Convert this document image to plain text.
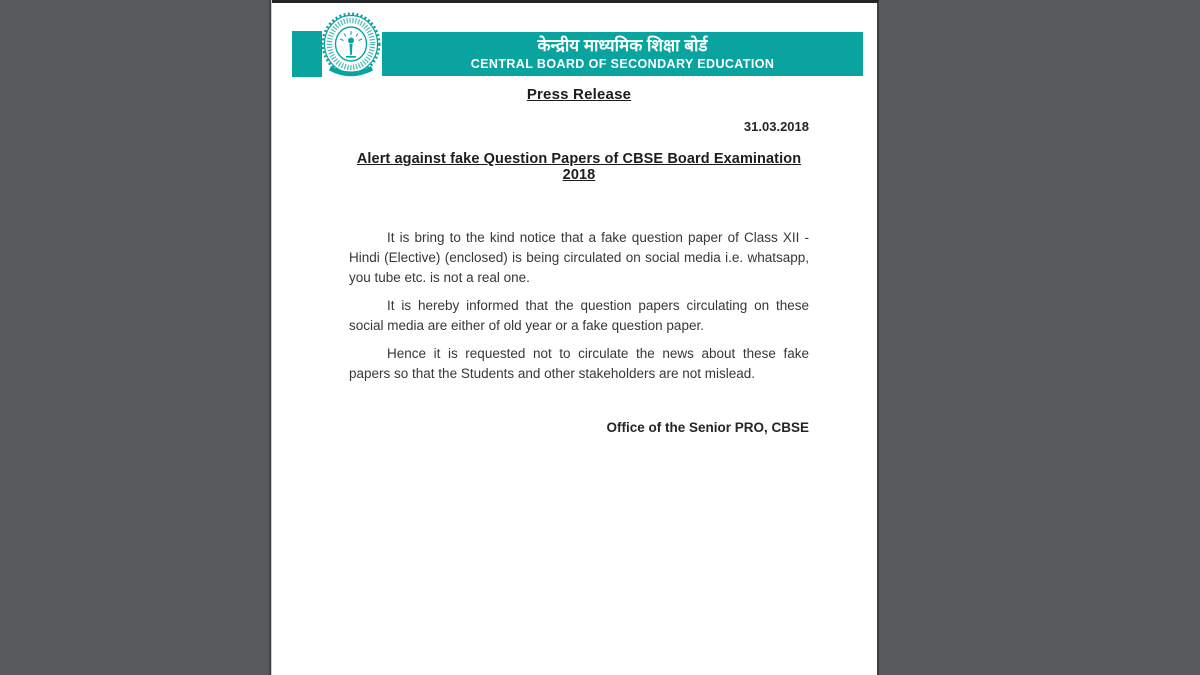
केन्द्रीय माध्यमिक शिक्षा बोर्ड
CENTRAL BOARD OF SECONDARY EDUCATION
Press Release
31.03.2018
Alert against fake Question Papers of CBSE Board Examination 2018

It is bring to the kind notice that a fake question paper of Class XII - Hindi (Elective) (enclosed) is being circulated on social media i.e. whatsapp, you tube etc. is not a real one.

It is hereby informed that the question papers circulating on these social media are either of old year or a fake question paper.

Hence it is requested not to circulate the news about these fake papers so that the Students and other stakeholders are not mislead.

Office of the Senior PRO, CBSE
